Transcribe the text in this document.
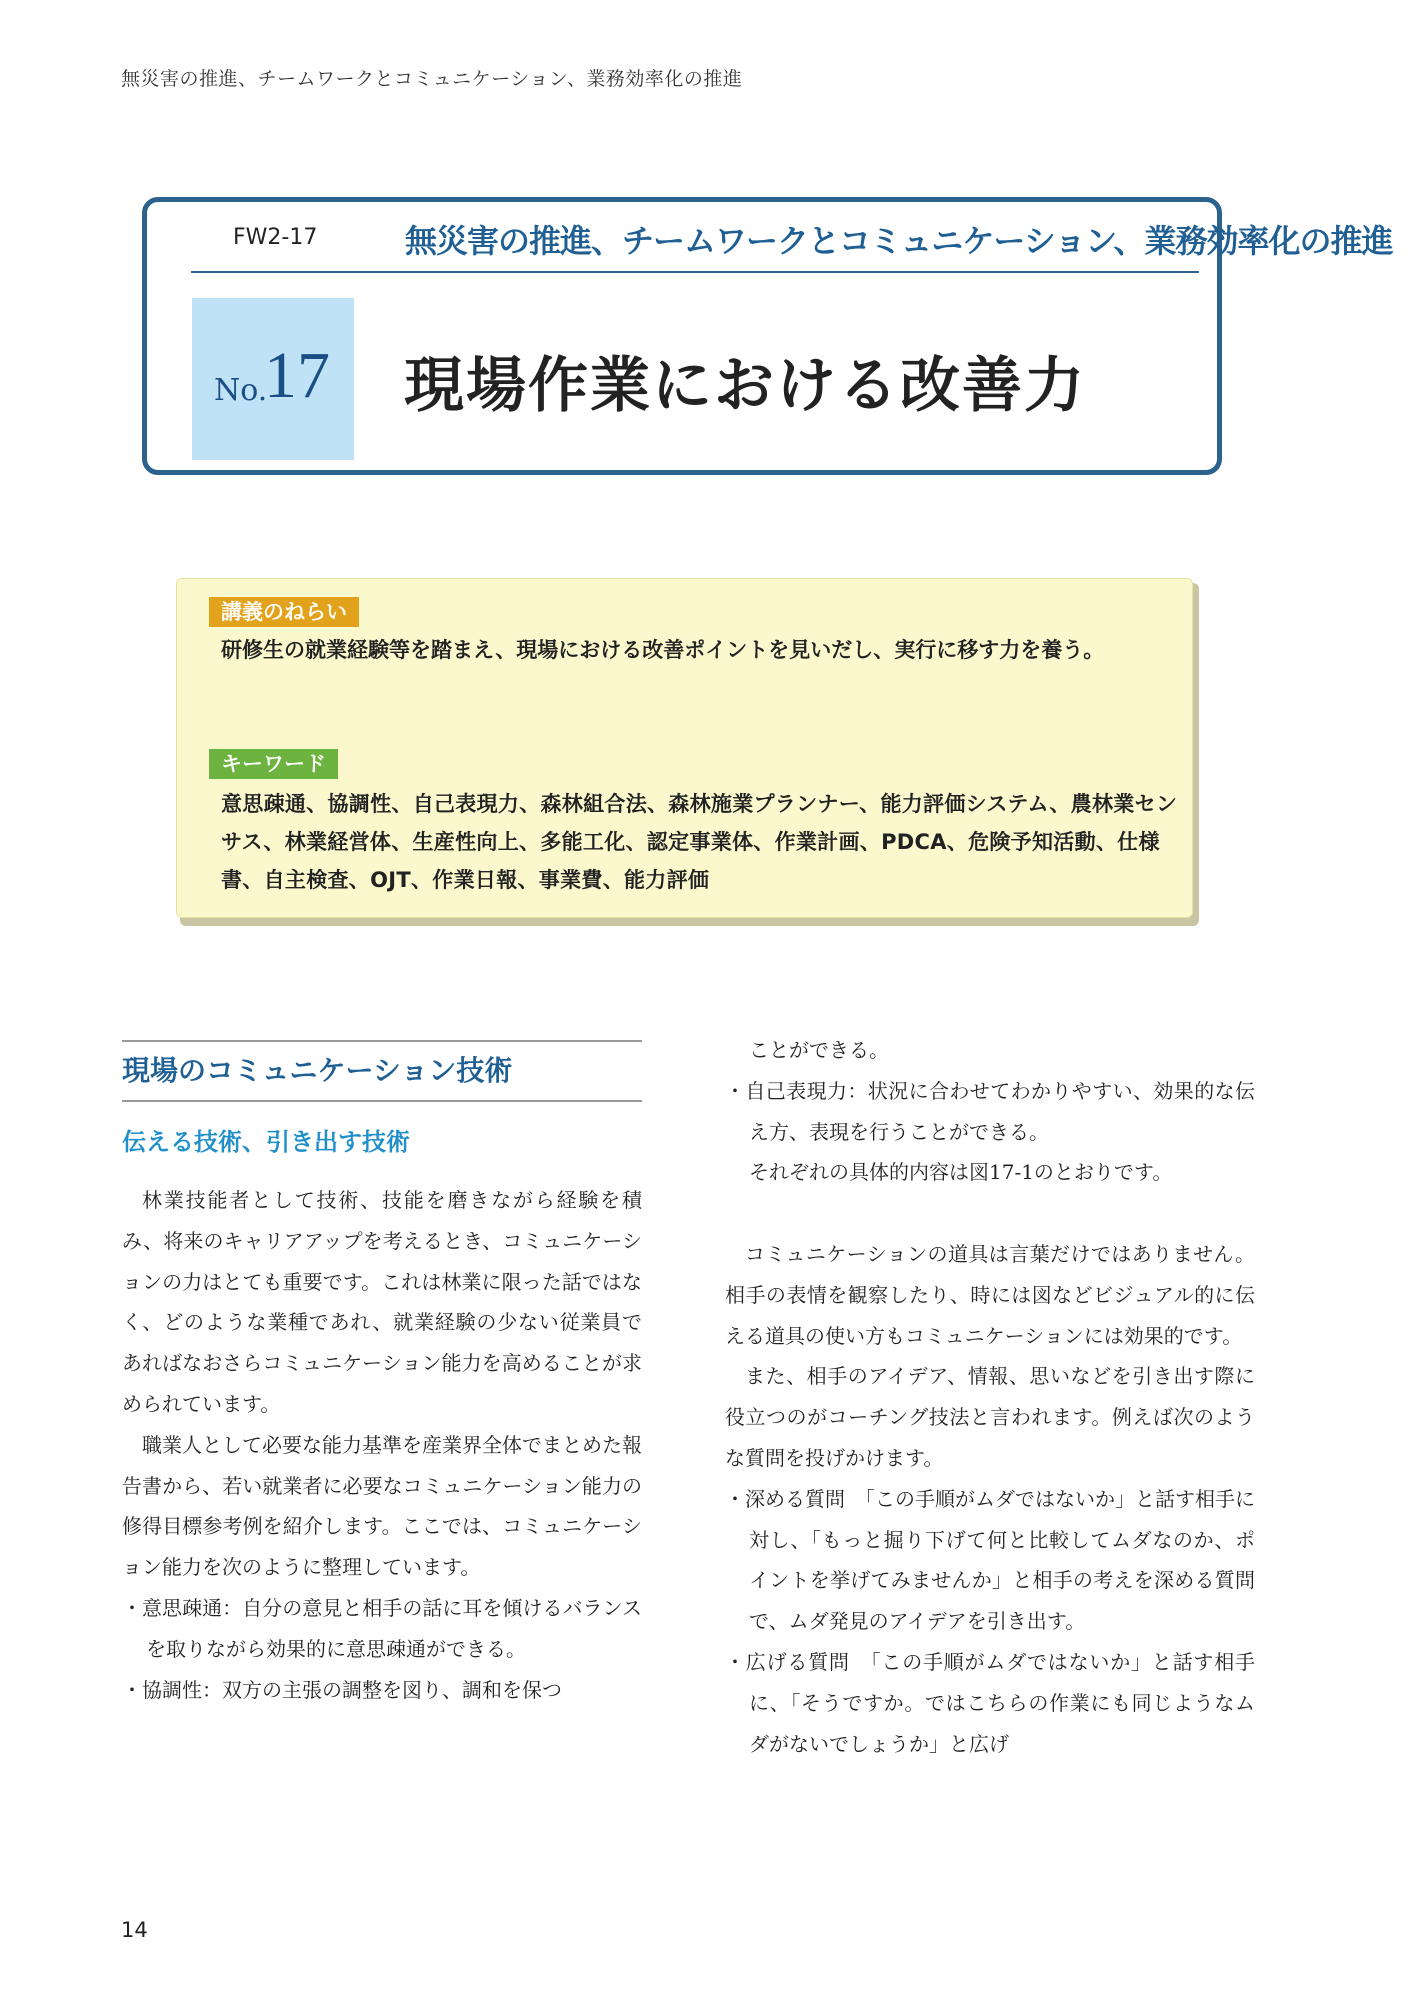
無災害の推進、チームワークとコミュニケーション、業務効率化の推進
FW2-17	無災害の推進、チームワークとコミュニケーション、業務効率化の推進
No.
17 現場作業における改善力
講義のねらい
研修生の就業経験等を踏まえ、現場における改善ポイントを見いだし、実行に移す力を養う。
キーワード
意思疎通、協調性、自己表現力、森林組合法、森林施業プランナー、能力評価システム、農林業センサス、林業経営体、生産性向上、多能工化、認定事業体、作業計画、PDCA、危険予知活動、仕様書、自主検査、OJT、作業日報、事業費、能力評価
現場のコミュニケーション技術
伝える技術、引き出す技術

林業技能者として技術、技能を磨きながら経験を積み、将来のキャリアアップを考えるとき、コミュニケーションの力はとても重要です。これは林業に限った話ではなく、どのような業種であれ、就業経験の少ない従業員であればなおさらコミュニケーション能力を高めることが求められています。

職業人として必要な能力基準を産業界全体でまとめた報告書から、若い就業者に必要なコミュニケーション能力の修得目標参考例を紹介します。ここでは、コミュニケーション能力を次のように整理しています。

・意思疎通：自分の意見と相手の話に耳を傾けるバランスを取りながら効果的に意思疎通ができる。

・協調性：双方の主張の調整を図り、調和を保つ

ことができる。

・自己表現力：状況に合わせてわかりやすい、効果的な伝え方、表現を行うことができる。

それぞれの具体的内容は図17-1のとおりです。

コミュニケーションの道具は言葉だけではありません。相手の表情を観察したり、時には図などビジュアル的に伝える道具の使い方もコミュニケーションには効果的です。

また、相手のアイデア、情報、思いなどを引き出す際に役立つのがコーチング技法と言われます。例えば次のような質問を投げかけます。

・深める質問　「この手順がムダではないか」と話す相手に対し、「もっと掘り下げて何と比較してムダなのか、ポイントを挙げてみませんか」と相手の考えを深める質問で、ムダ発見のアイデアを引き出す。

・広げる質問　「この手順がムダではないか」と話す相手に、「そうですか。ではこちらの作業にも同じようなムダがないでしょうか」と広げ

14
